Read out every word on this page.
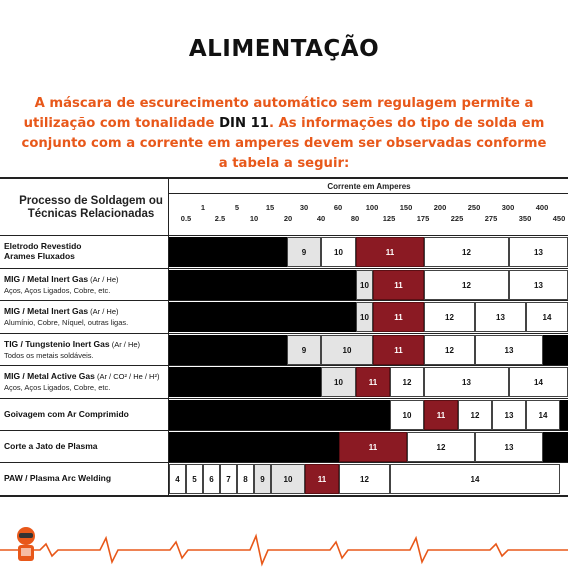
ALIMENTAÇÃO
A máscara de escurecimento automático sem regulagem permite a utilização com tonalidade DIN 11. As informações do tipo de solda em conjunto com a corrente em amperes devem ser observadas conforme a tabela a seguir:
Processo de Soldagem ou Técnicas Relacionadas
Corrente em Amperes
1	5	15	30	60	100	150	200	250	300	400
0.5	2.5	10	20	40	80	125	175	225	275	350	450
Eletrodo Revestido
Arames Fluxados	9	10	11	12	13
MIG / Metal Inert Gas (Ar / He)
Aços, Aços Ligados, Cobre, etc.
10	11	12	13
MIG / Metal Inert Gas (Ar / He)
Alumínio, Cobre, Níquel, outras ligas.
10	11	12	13	14
TIG / Tungstenio Inert Gas (Ar / He)
Todos os metais soldáveis.
9	10	11	12	13
MIG / Metal Active Gas (Ar / CO² / He / H²)
Aços, Aços Ligados, Cobre, etc.
10	11	12	13	14
Goivagem com Ar Comprimido	10	11	12	13	14
Corte a Jato de Plasma	11	12	13
PAW / Plasma Arc Welding	4	5	6	7	8	9	10	11	12	14
